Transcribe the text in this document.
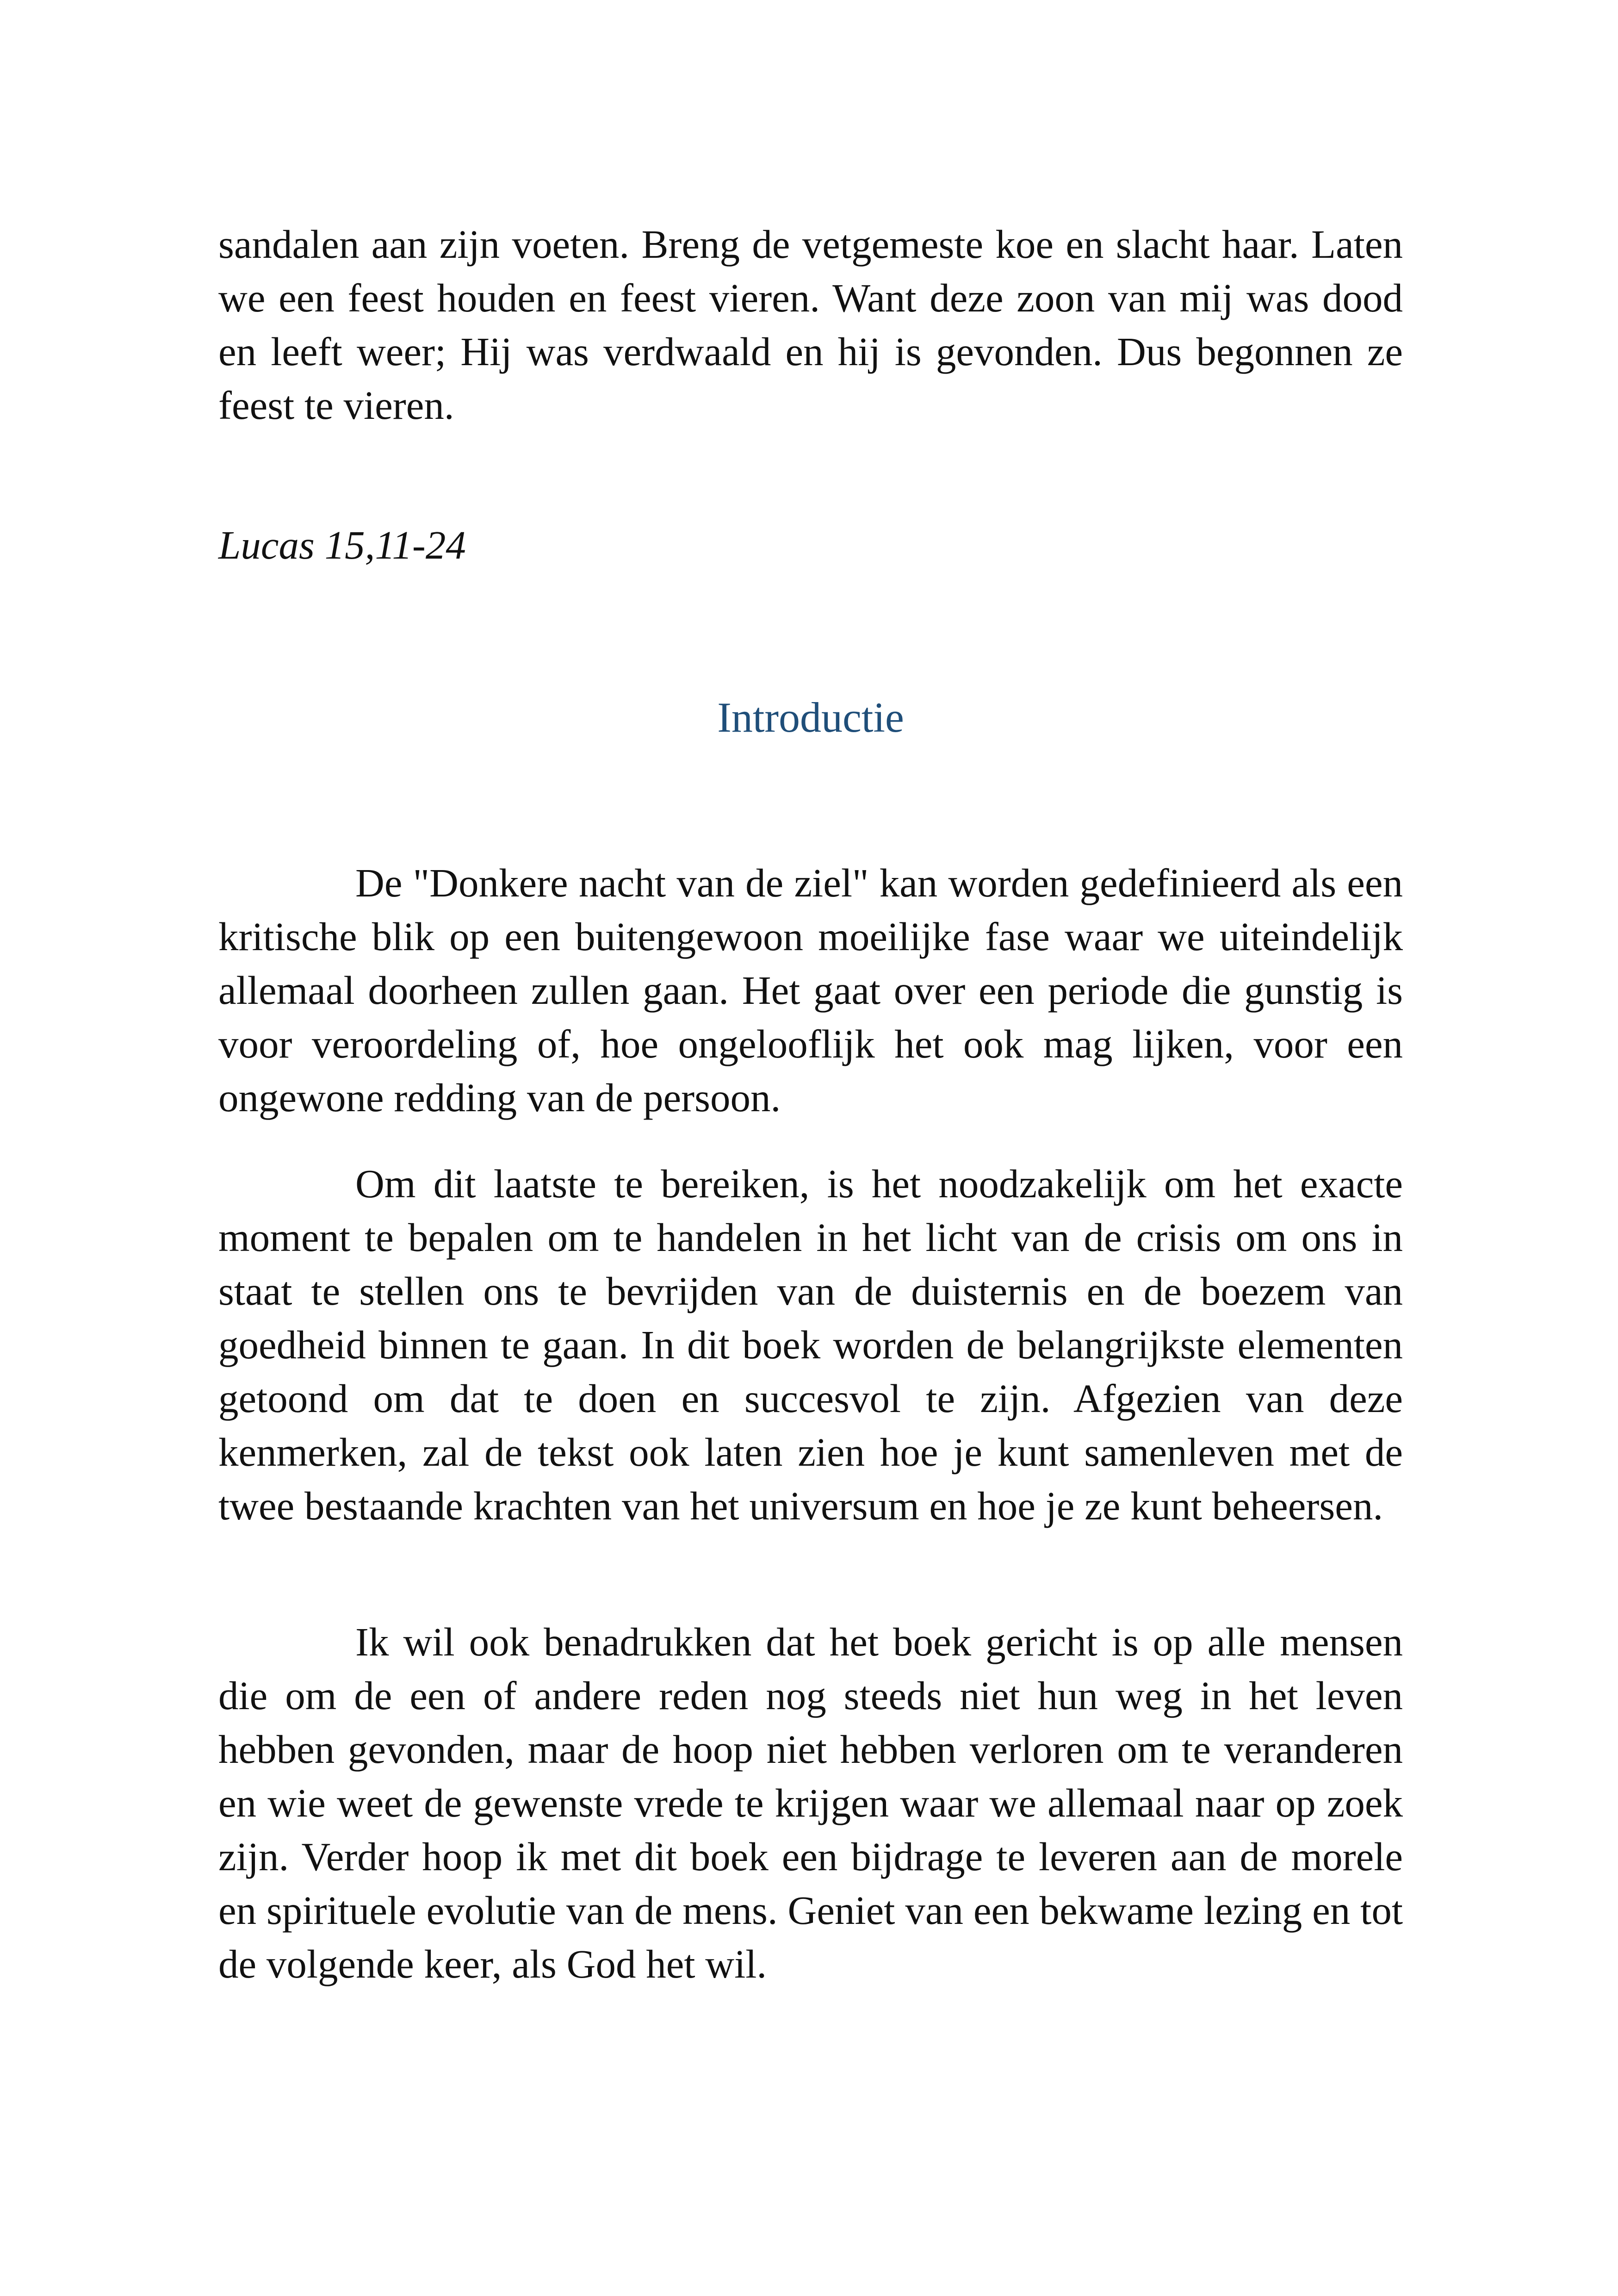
sandalen aan zijn voeten. Breng de vetgemeste koe en slacht haar. Laten we een feest houden en feest vieren. Want deze zoon van mij was dood en leeft weer; Hij was verdwaald en hij is gevonden. Dus begonnen ze feest te vieren.

Lucas 15,11-24

Introductie

De "Donkere nacht van de ziel" kan worden gedefinieerd als een kritische blik op een buitengewoon moeilijke fase waar we uiteindelijk allemaal doorheen zullen gaan. Het gaat over een periode die gunstig is voor veroordeling of, hoe ongelooflijk het ook mag lijken, voor een ongewone redding van de persoon.

Om dit laatste te bereiken, is het noodzakelijk om het exacte moment te bepalen om te handelen in het licht van de crisis om ons in staat te stellen ons te bevrijden van de duisternis en de boezem van goedheid binnen te gaan. In dit boek worden de belangrijkste elementen getoond om dat te doen en succesvol te zijn. Afgezien van deze kenmerken, zal de tekst ook laten zien hoe je kunt samenleven met de twee bestaande krachten van het universum en hoe je ze kunt beheersen.

Ik wil ook benadrukken dat het boek gericht is op alle mensen die om de een of andere reden nog steeds niet hun weg in het leven hebben gevonden, maar de hoop niet hebben verloren om te veranderen en wie weet de gewenste vrede te krijgen waar we allemaal naar op zoek zijn. Verder hoop ik met dit boek een bijdrage te leveren aan de morele en spirituele evolutie van de mens. Geniet van een bekwame lezing en tot de volgende keer, als God het wil.
